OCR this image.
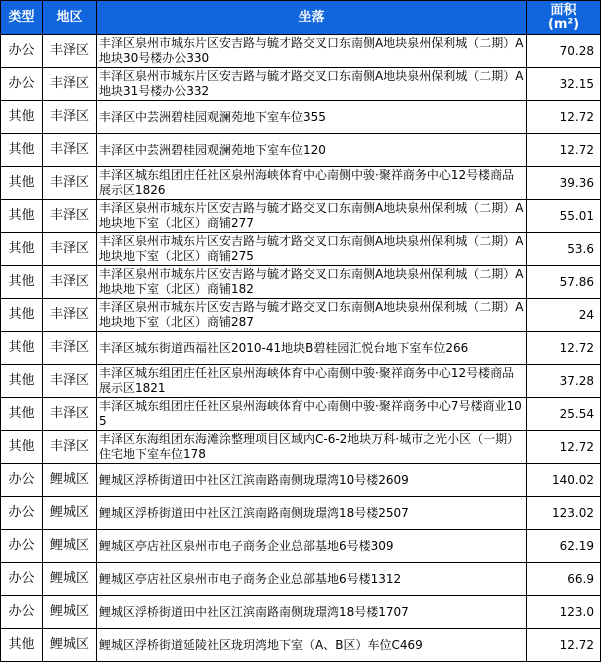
类型	地区	坐落	面积
(m²)
办公	丰泽区	丰泽区泉州市城东片区安吉路与毓才路交叉口东南侧A地块泉州保利城（二期）A地块30号楼办公330	70.28
办公	丰泽区	丰泽区泉州市城东片区安吉路与毓才路交叉口东南侧A地块泉州保利城（二期）A地块31号楼办公332	32.15
其他	丰泽区	丰泽区中芸洲碧桂园观澜苑地下室车位355	12.72
其他	丰泽区	丰泽区中芸洲碧桂园观澜苑地下室车位120	12.72
其他	丰泽区	丰泽区城东组团庄任社区泉州海峡体育中心南侧中骏·聚祥商务中心12号楼商品展示区1826	39.36
其他	丰泽区	丰泽区泉州市城东片区安吉路与毓才路交叉口东南侧A地块泉州保利城（二期）A地块地下室（北区）商铺277	55.01
其他	丰泽区	丰泽区泉州市城东片区安吉路与毓才路交叉口东南侧A地块泉州保利城（二期）A地块地下室（北区）商铺275	53.6
其他	丰泽区	丰泽区泉州市城东片区安吉路与毓才路交叉口东南侧A地块泉州保利城（二期）A地块地下室（北区）商铺182	57.86
其他	丰泽区	丰泽区泉州市城东片区安吉路与毓才路交叉口东南侧A地块泉州保利城（二期）A地块地下室（北区）商铺287	24
其他	丰泽区	丰泽区城东街道西福社区2010-41地块B碧桂园汇悦台地下室车位266	12.72
其他	丰泽区	丰泽区城东组团庄任社区泉州海峡体育中心南侧中骏·聚祥商务中心12号楼商品展示区1821	37.28
其他	丰泽区	丰泽区城东组团庄任社区泉州海峡体育中心南侧中骏·聚祥商务中心7号楼商业105	25.54
其他	丰泽区	丰泽区东海组团东海滩涂整理项目区域内C-6-2地块万科·城市之光小区（一期）住宅地下室车位178	12.72
办公	鲤城区	鲤城区浮桥街道田中社区江滨南路南侧珑璟湾10号楼2609	140.02
办公	鲤城区	鲤城区浮桥街道田中社区江滨南路南侧珑璟湾18号楼2507	123.02
办公	鲤城区	鲤城区亭店社区泉州市电子商务企业总部基地6号楼309	62.19
办公	鲤城区	鲤城区亭店社区泉州市电子商务企业总部基地6号楼1312	66.9
办公	鲤城区	鲤城区浮桥街道田中社区江滨南路南侧珑璟湾18号楼1707	123.0
其他	鲤城区	鲤城区浮桥街道延陵社区珑玥湾地下室（A、B区）车位C469	12.72
